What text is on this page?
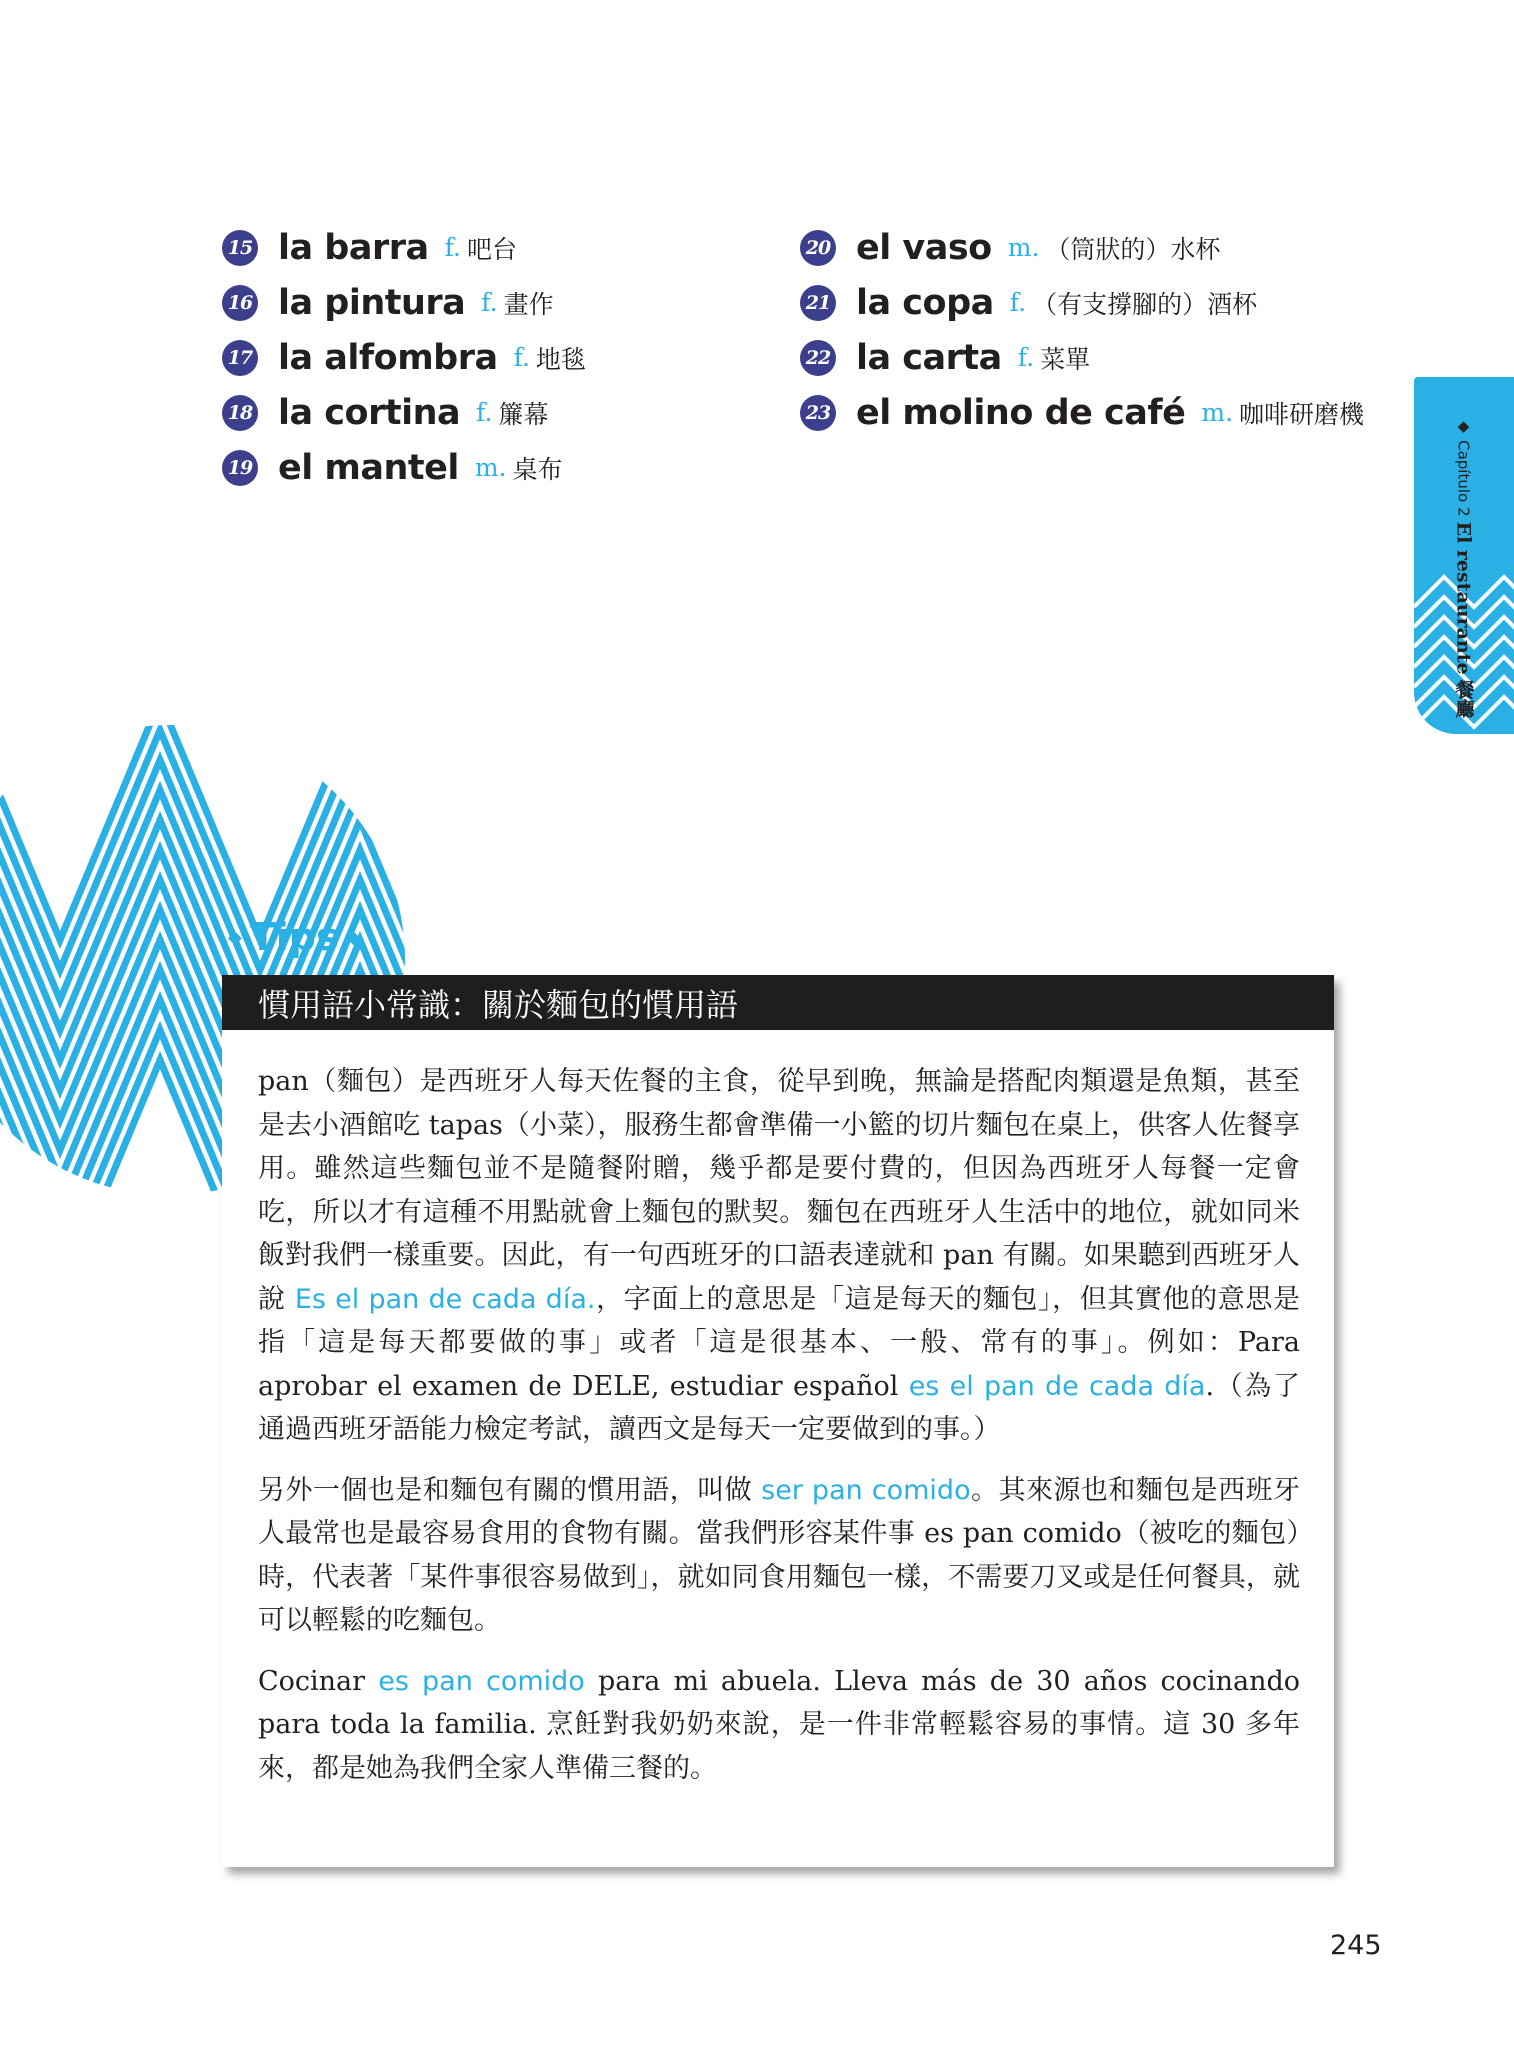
15 la barra f. 吧台
16 la pintura f. 畫作
17 la alfombra f. 地毯
18 la cortina f. 簾幕
19 el mantel m. 桌布
20 el vaso m. （筒狀的）水杯
21 la copa f. （有支撐腳的）酒杯
22 la carta f. 菜單
23 el molino de café m. 咖啡研磨機	◆ Capítulo 2 El restaurante 餐廳
◆ Tips ◆
慣用語小常識：關於麵包的慣用語

pan（麵包）是西班牙人每天佐餐的主食，從早到晚，無論是搭配肉類還是魚類，甚至是去小酒館吃 tapas（小菜），服務生都會準備一小籃的切片麵包在桌上，供客人佐餐享用。雖然這些麵包並不是隨餐附贈，幾乎都是要付費的，但因為西班牙人每餐一定會吃，所以才有這種不用點就會上麵包的默契。麵包在西班牙人生活中的地位，就如同米飯對我們一樣重要。因此，有一句西班牙的口語表達就和 pan 有關。如果聽到西班牙人說 Es el pan de cada día.，字面上的意思是「這是每天的麵包」，但其實他的意思是指「這是每天都要做的事」或者「這是很基本、一般、常有的事」。例如：Para aprobar el examen de DELE, estudiar español es el pan de cada día.（為了通過西班牙語能力檢定考試，讀西文是每天一定要做到的事。）

另外一個也是和麵包有關的慣用語，叫做 ser pan comido。其來源也和麵包是西班牙人最常也是最容易食用的食物有關。當我們形容某件事 es pan comido（被吃的麵包）時，代表著「某件事很容易做到」，就如同食用麵包一樣，不需要刀叉或是任何餐具，就可以輕鬆的吃麵包。

Cocinar es pan comido para mi abuela. Lleva más de 30 años cocinando para toda la familia. 烹飪對我奶奶來說，是一件非常輕鬆容易的事情。這 30 多年來，都是她為我們全家人準備三餐的。

245
